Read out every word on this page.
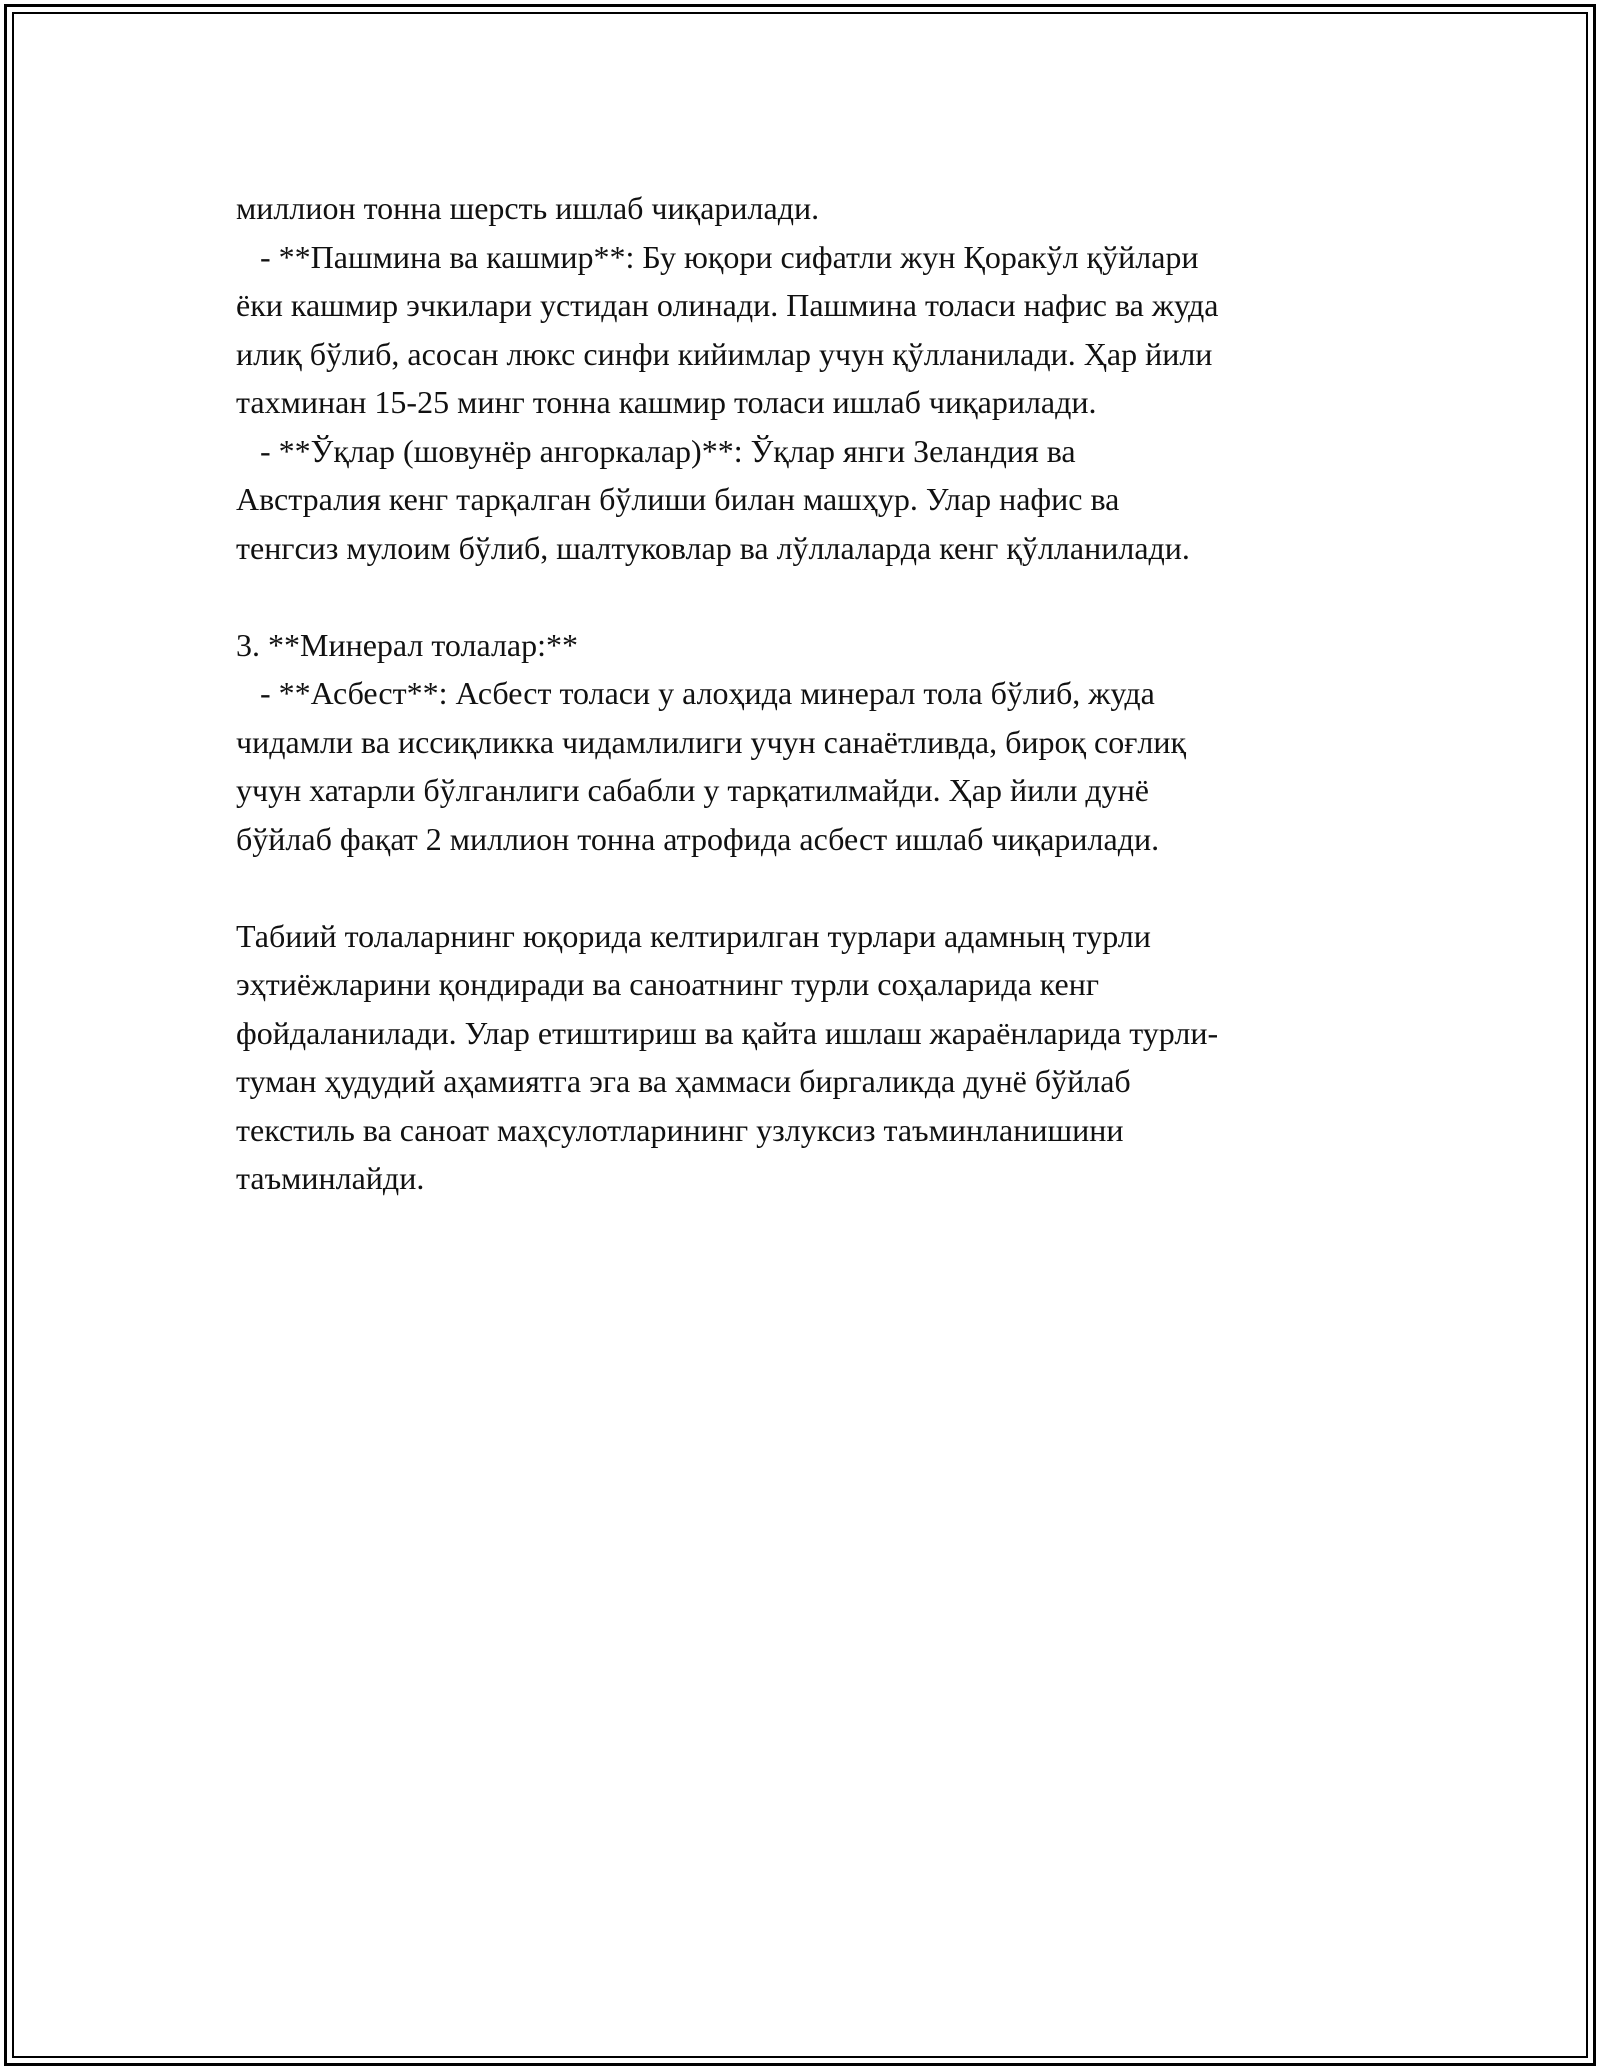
миллион тонна шерсть ишлаб чиқарилади.
- **Пашмина ва кашмир**: Бу юқори сифатли жун Қоракўл қўйлари
ёки кашмир эчкилари устидан олинади. Пашмина толаси нафис ва жуда
илиқ бўлиб, асосан люкс синфи кийимлар учун қўлланилади. Ҳар йили
тахминан 15-25 минг тонна кашмир толаси ишлаб чиқарилади.
- **Ўқлар (шовунёр ангоркалар)**: Ўқлар янги Зеландия ва
Австралия кенг тарқалган бўлиши билан машҳур. Улар нафис ва
тенгсиз мулоим бўлиб, шалтуковлар ва лўллаларда кенг қўлланилади.
3. **Минерал толалар:**
- **Асбест**: Асбест толаси у алоҳида минерал тола бўлиб, жуда
чидамли ва иссиқликка чидамлилиги учун санаётливда, бироқ соғлиқ
учун хатарли бўлганлиги сабабли у тарқатилмайди. Ҳар йили дунё
бўйлаб фақат 2 миллион тонна атрофида асбест ишлаб чиқарилади.
Табиий толаларнинг юқорида келтирилган турлари адамның турли
эҳтиёжларини қондиради ва саноатнинг турли соҳаларида кенг
фойдаланилади. Улар етиштириш ва қайта ишлаш жараёнларида турли-
туман ҳудудий аҳамиятга эга ва ҳаммаси биргаликда дунё бўйлаб
текстиль ва саноат маҳсулотларининг узлуксиз таъминланишини
таъминлайди.
